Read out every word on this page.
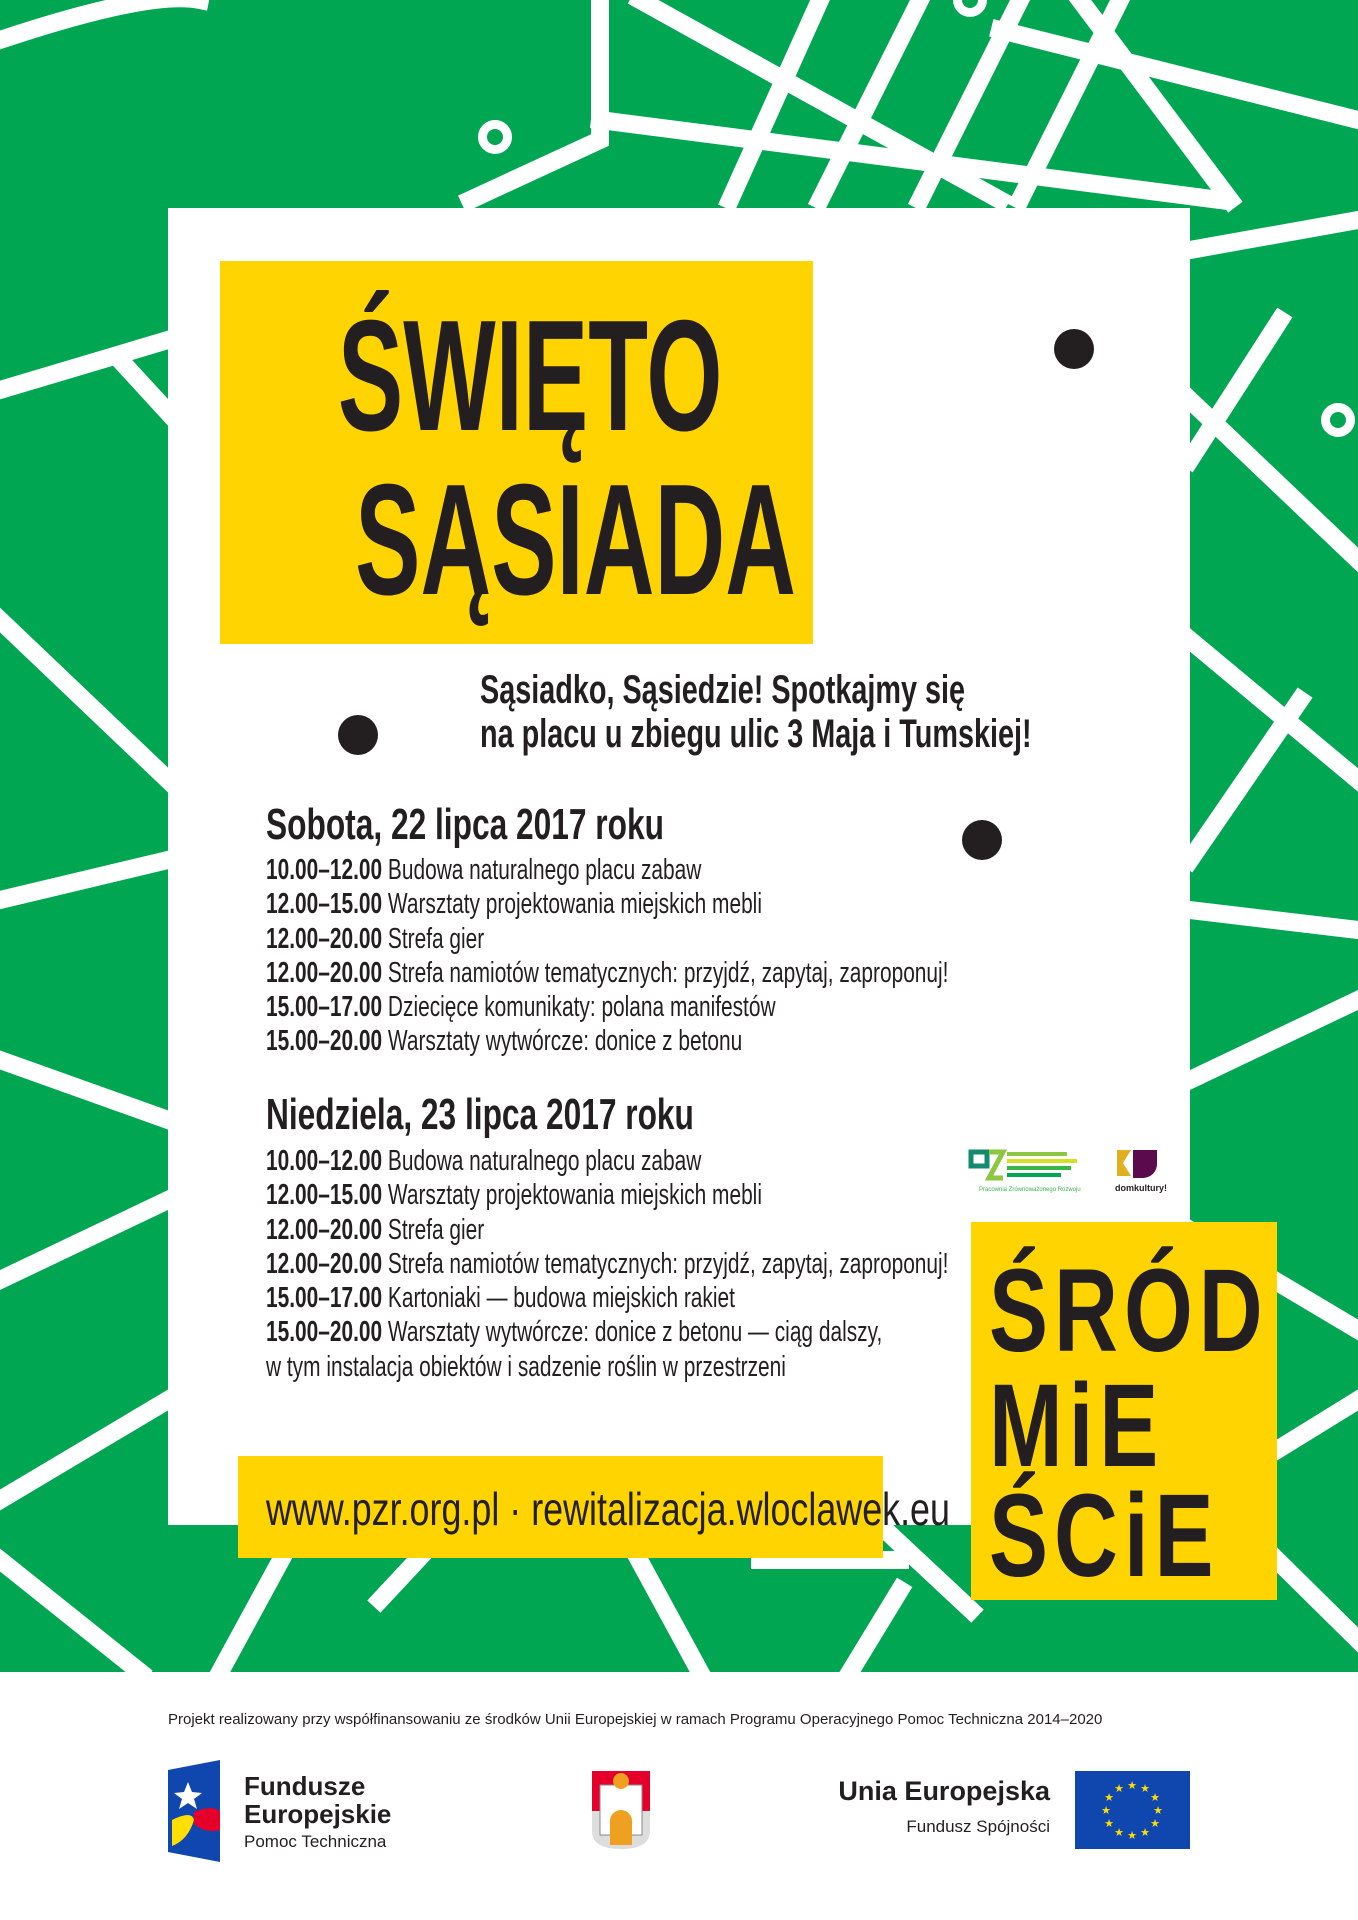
ŚWIĘTO
SĄSIADA
Sąsiadko, Sąsiedzie! Spotkajmy się
na placu u zbiegu ulic 3 Maja i Tumskiej!
Sobota, 22 lipca 2017 roku
10.00–12.00 Budowa naturalnego placu zabaw
12.00–15.00 Warsztaty projektowania miejskich mebli
12.00–20.00 Strefa gier
12.00–20.00 Strefa namiotów tematycznych: przyjdź, zapytaj, zaproponuj!
15.00–17.00 Dziecięce komunikaty: polana manifestów
15.00–20.00 Warsztaty wytwórcze: donice z betonu
Niedziela, 23 lipca 2017 roku
10.00–12.00 Budowa naturalnego placu zabaw
12.00–15.00 Warsztaty projektowania miejskich mebli
12.00–20.00 Strefa gier
12.00–20.00 Strefa namiotów tematycznych: przyjdź, zapytaj, zaproponuj!
15.00–17.00 Kartoniaki — budowa miejskich rakiet
15.00–20.00 Warsztaty wytwórcze: donice z betonu — ciąg dalszy,
w tym instalacja obiektów i sadzenie roślin w przestrzeni
www.pzr.org.pl · rewitalizacja.wloclawek.eu
Pracownia Zrównoważonego Rozwoju	domkultury!
ŚRÓD
MiE
ŚCiE
Projekt realizowany przy współfinansowaniu ze środków Unii Europejskiej w ramach Programu Operacyjnego Pomoc Techniczna 2014–2020
Fundusze
Europejskie
Pomoc Techniczna
Unia Europejska
Fundusz Spójności
★ ★
★
★
★
★
★
★
★
★
★
★
